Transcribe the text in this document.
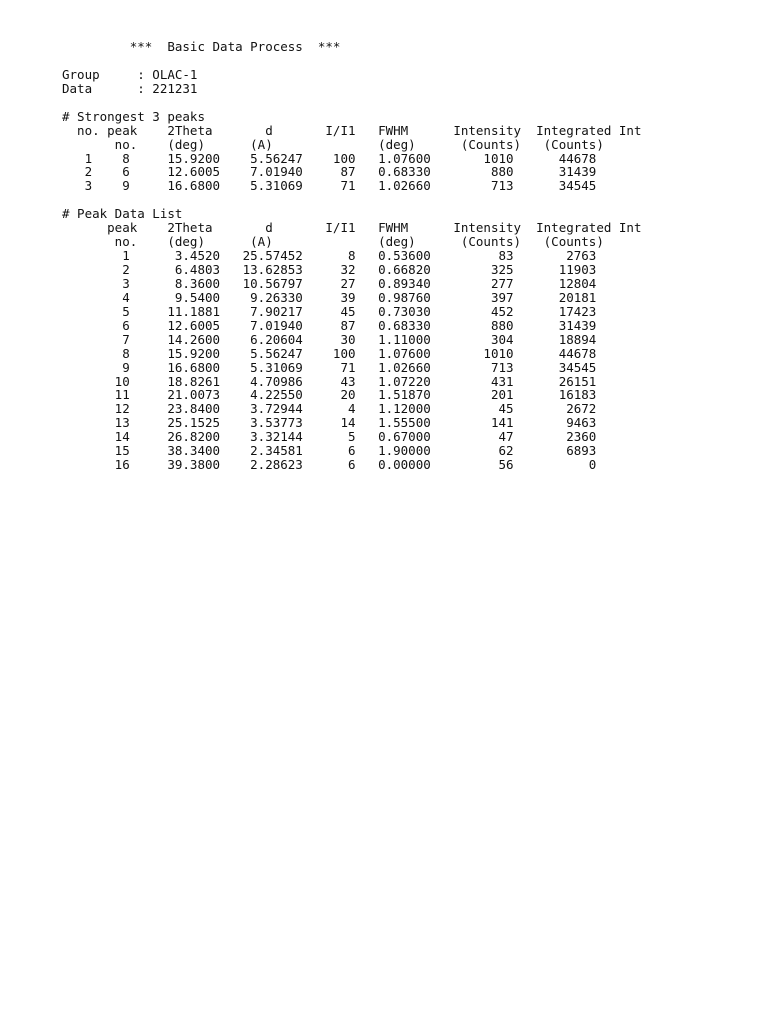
***  Basic Data Process  ***
Group     : OLAC-1
Data      : 221231
# Strongest 3 peaks
no. peak    2Theta       d       I/I1   FWHM      Intensity  Integrated Int
no.    (deg)      (A)              (deg)      (Counts)   (Counts)
1    8     15.9200    5.56247    100   1.07600       1010      44678
2    6     12.6005    7.01940     87   0.68330        880      31439
3    9     16.6800    5.31069     71   1.02660        713      34545
# Peak Data List
peak    2Theta       d       I/I1   FWHM      Intensity  Integrated Int
no.    (deg)      (A)              (deg)      (Counts)   (Counts)
1      3.4520   25.57452      8   0.53600         83       2763
2      6.4803   13.62853     32   0.66820        325      11903
3      8.3600   10.56797     27   0.89340        277      12804
4      9.5400    9.26330     39   0.98760        397      20181
5     11.1881    7.90217     45   0.73030        452      17423
6     12.6005    7.01940     87   0.68330        880      31439
7     14.2600    6.20604     30   1.11000        304      18894
8     15.9200    5.56247    100   1.07600       1010      44678
9     16.6800    5.31069     71   1.02660        713      34545
10     18.8261    4.70986     43   1.07220        431      26151
11     21.0073    4.22550     20   1.51870        201      16183
12     23.8400    3.72944      4   1.12000         45       2672
13     25.1525    3.53773     14   1.55500        141       9463
14     26.8200    3.32144      5   0.67000         47       2360
15     38.3400    2.34581      6   1.90000         62       6893
16     39.3800    2.28623      6   0.00000         56          0
